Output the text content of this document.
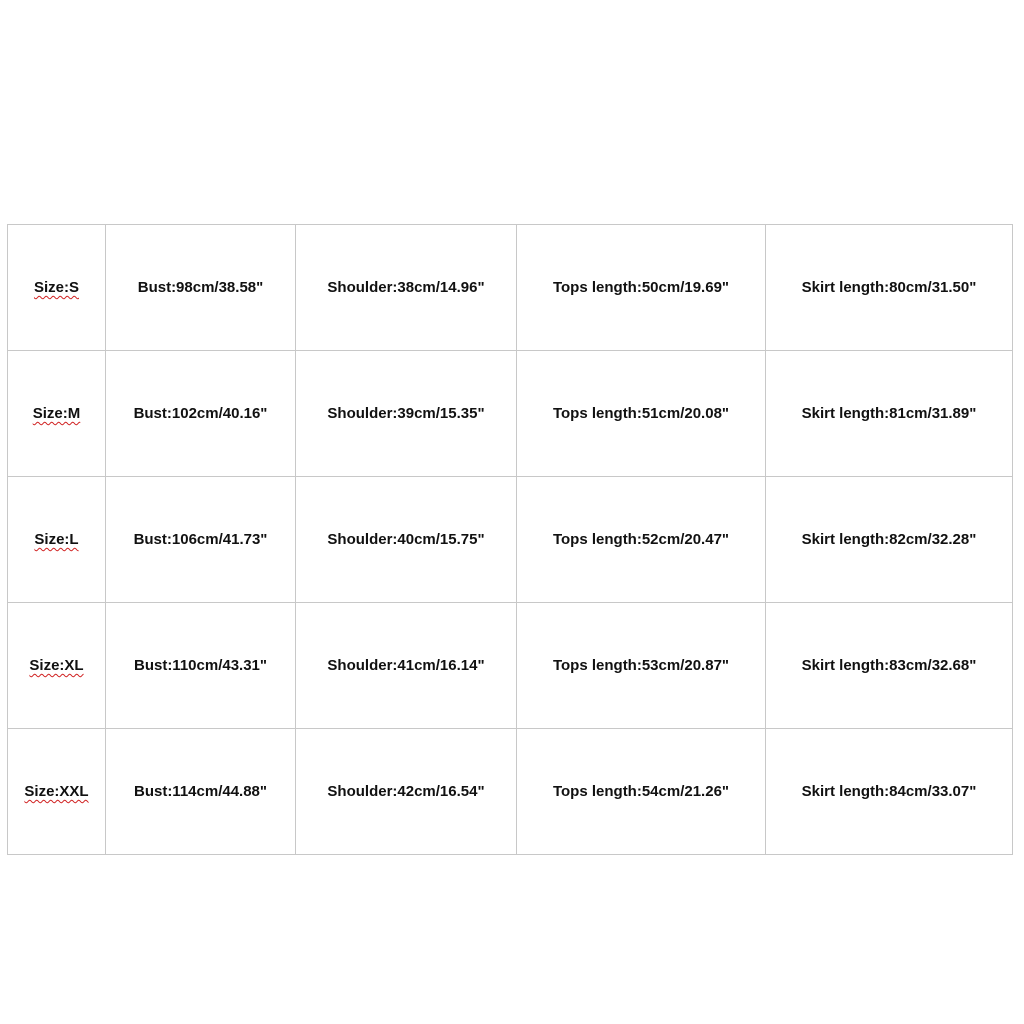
Size:S	Bust:98cm/38.58"	Shoulder:38cm/14.96"	Tops length:50cm/19.69"	Skirt length:80cm/31.50"
Size:M	Bust:102cm/40.16"	Shoulder:39cm/15.35"	Tops length:51cm/20.08"	Skirt length:81cm/31.89"
Size:L	Bust:106cm/41.73"	Shoulder:40cm/15.75"	Tops length:52cm/20.47"	Skirt length:82cm/32.28"
Size:XL	Bust:110cm/43.31"	Shoulder:41cm/16.14"	Tops length:53cm/20.87"	Skirt length:83cm/32.68"
Size:XXL	Bust:114cm/44.88"	Shoulder:42cm/16.54"	Tops length:54cm/21.26"	Skirt length:84cm/33.07"
